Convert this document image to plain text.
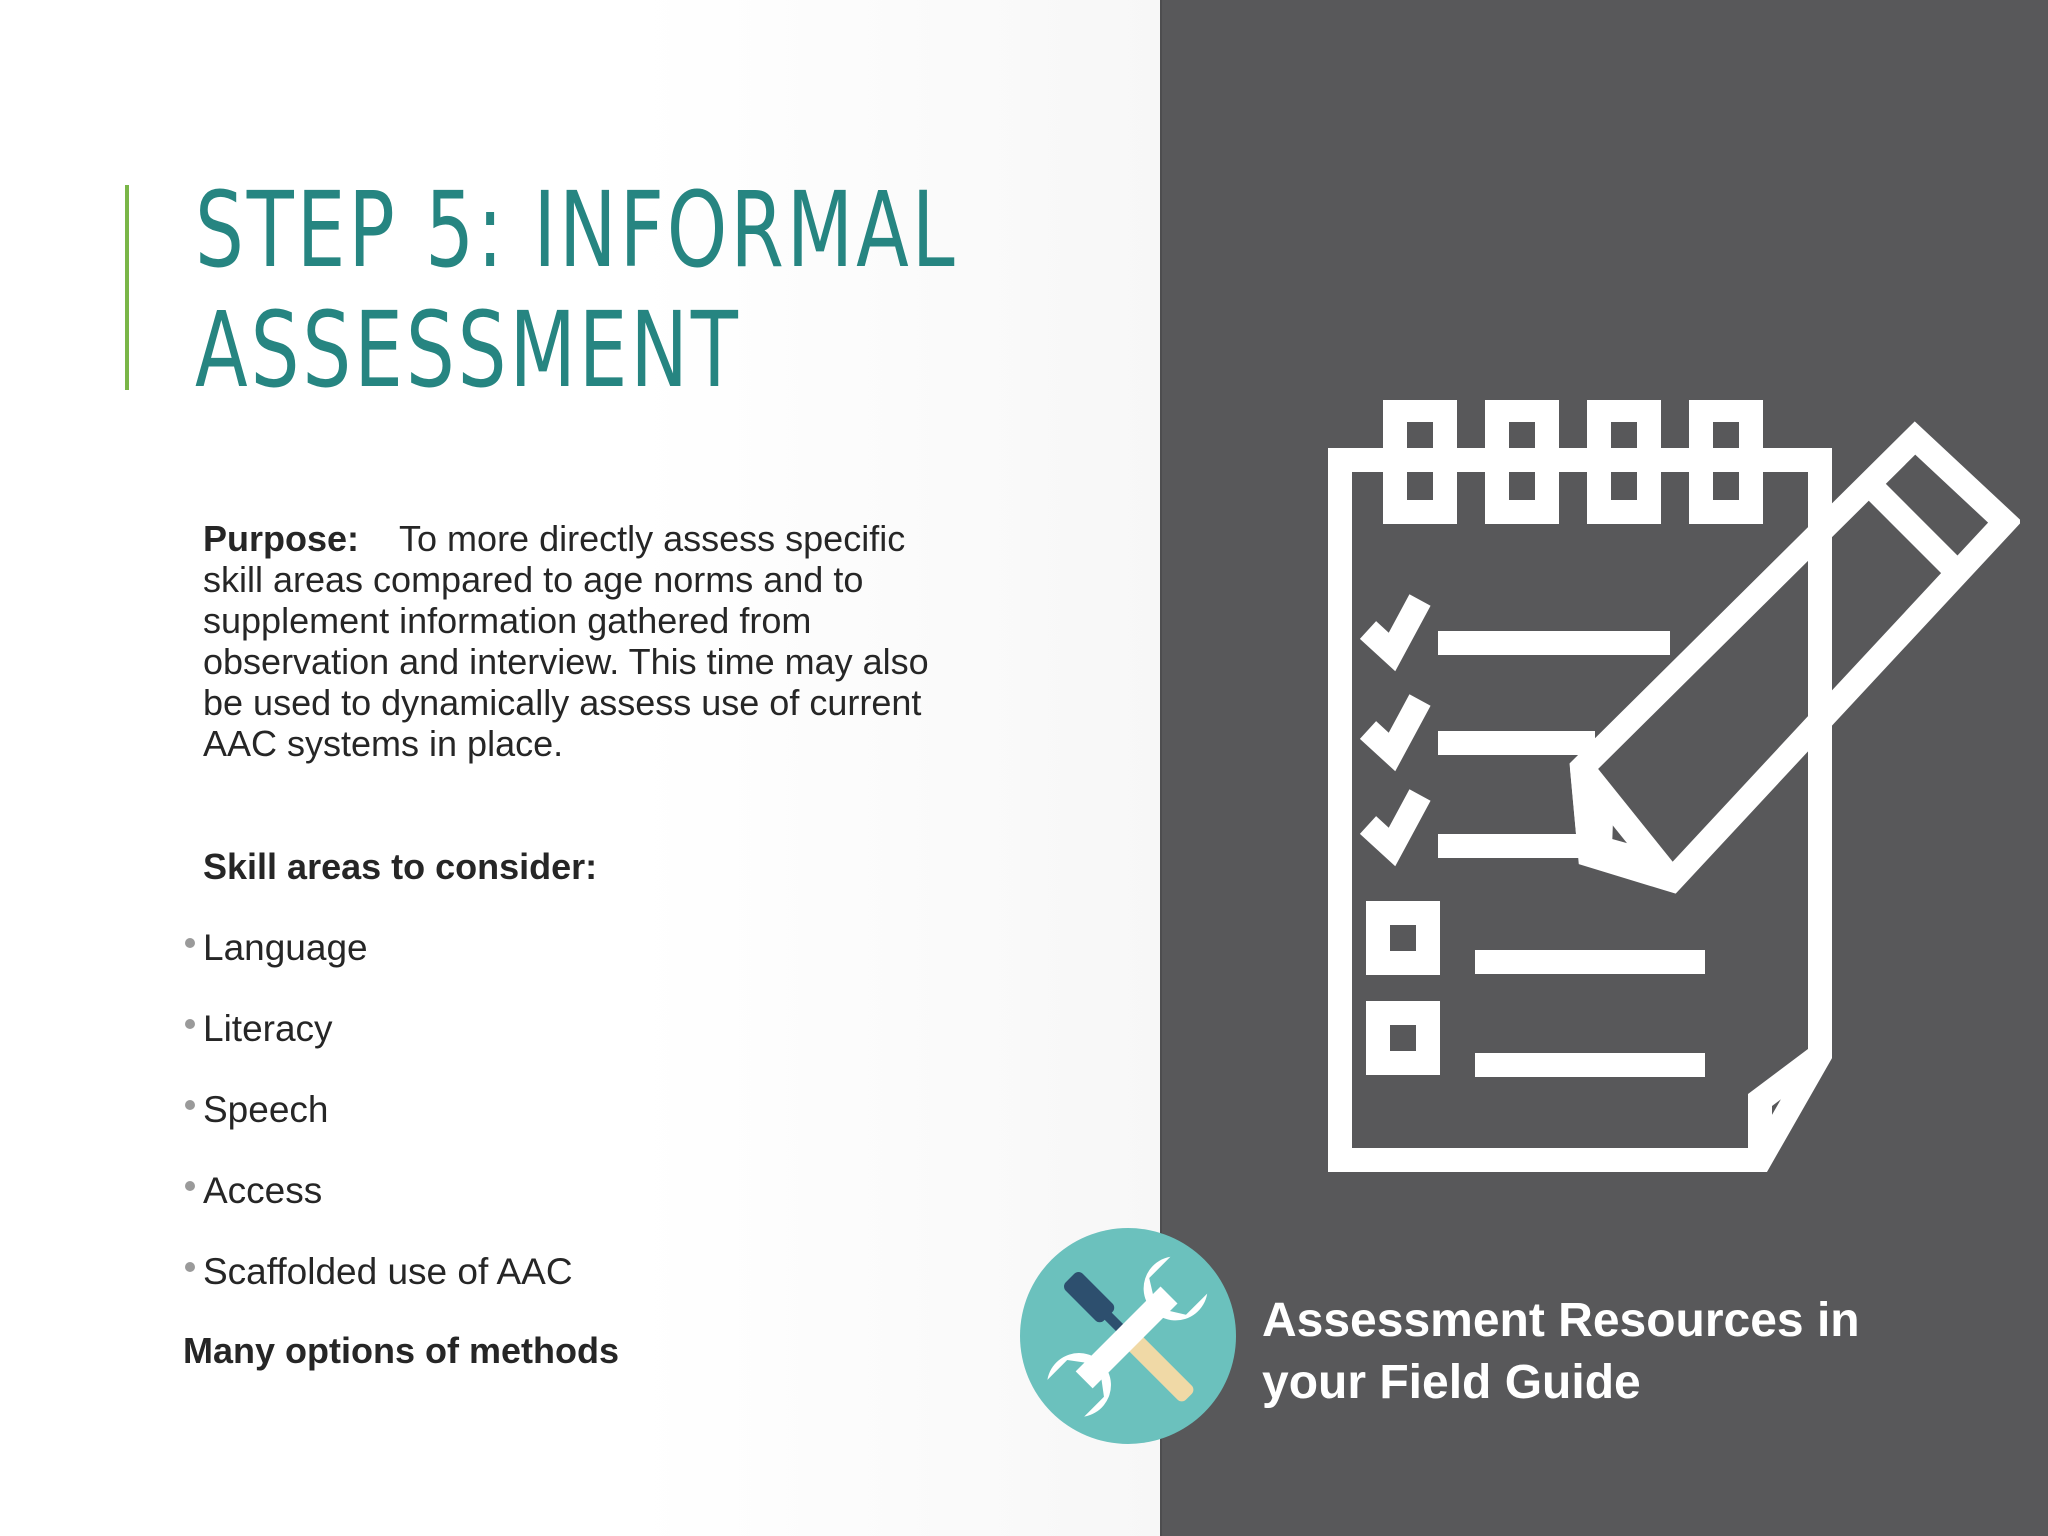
STEP 5: INFORMAL
ASSESSMENT
Purpose: To more directly assess specific skill areas compared to age norms and to supplement information gathered from observation and interview. This time may also be used to dynamically assess use of current AAC systems in place.
Skill areas to consider:
Language
Literacy
Speech
Access
Scaffolded use of AAC
Many options of methods
Assessment Resources in
your Field Guide
